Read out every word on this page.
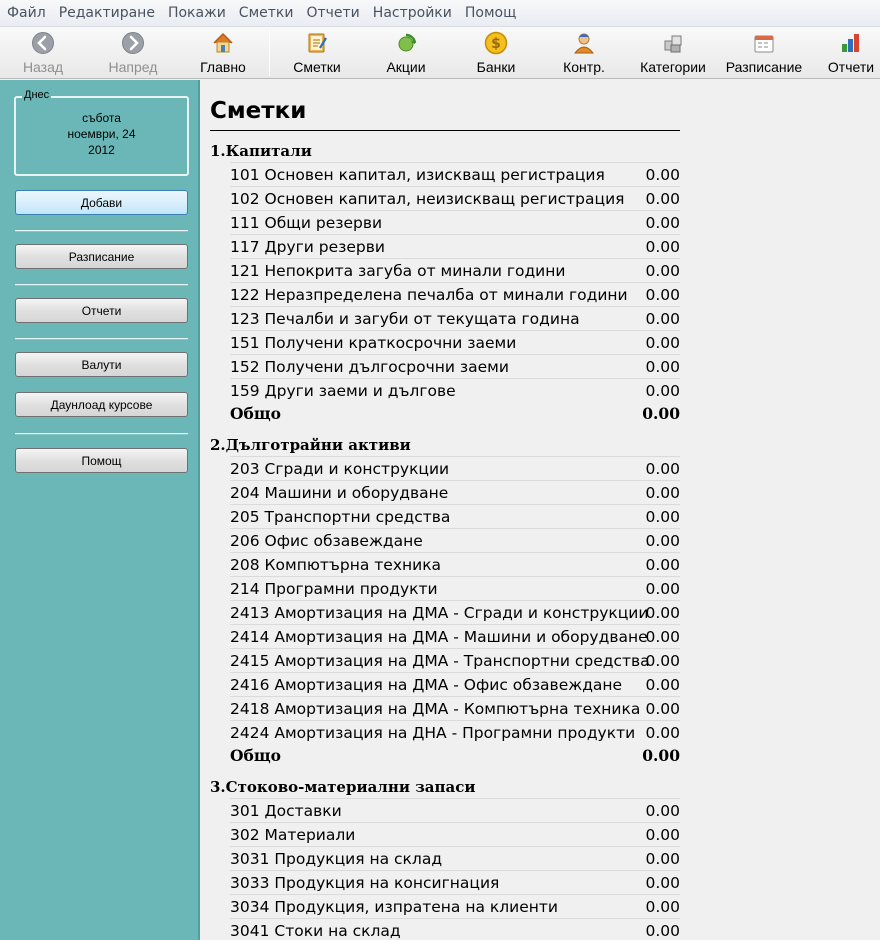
Файл Редактиране Покажи Сметки Отчети Настройки Помощ
Назад	Напред	Главно	Сметки	Акции
$
Банки	Контр.	Категории Разписание Отчети
Днес
събота
ноември, 24
2012
Добави
Разписание
Отчети
Валути
Даунлоад курсове
Помощ
Сметки
1.Капитали
101 Основен капитал, изискващ регистрация	0.00
102 Основен капитал, неизискващ регистрация 0.00
111 Общи резерви	0.00
117 Други резерви	0.00
121 Непокрита загуба от минали години	0.00
122 Неразпределена печалба от минали години 0.00
123 Печалби и загуби от текущата година	0.00
151 Получени краткосрочни заеми	0.00
152 Получени дългосрочни заеми	0.00
159 Други заеми и дългове	0.00
Общо	0.00
2.Дълготрайни активи
203 Сгради и конструкции	0.00
204 Машини и оборудване	0.00
205 Транспортни средства	0.00
206 Офис обзавеждане	0.00
208 Компютърна техника	0.00
214 Програмни продукти	0.00
2413 Амортизация на ДМА - Сгради и конструкции
0.00
2414 Амортизация на ДМА - Машини и оборудване
0.00
2415 Амортизация на ДМА - Транспортни средства
0.00
2416 Амортизация на ДМА - Офис обзавеждане 0.00
2418 Амортизация на ДМА - Компютърна техника 0.00
2424 Амортизация на ДНА - Програмни продукти 0.00
Общо	0.00
3.Стоково-материални запаси
301 Доставки	0.00
302 Материали	0.00
3031 Продукция на склад	0.00
3033 Продукция на консигнация	0.00
3034 Продукция, изпратена на клиенти	0.00
3041 Стоки на склад	0.00
